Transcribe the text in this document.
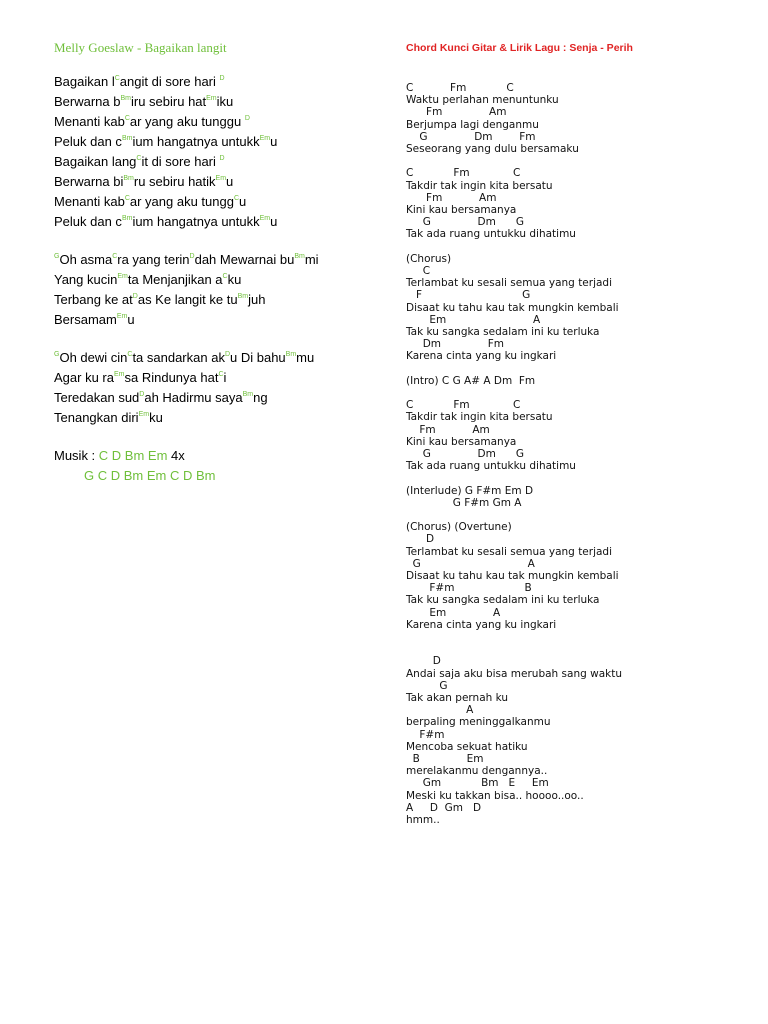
Melly Goeslaw - Bagaikan langit
Bagaikan $l^Cangit$ di sore hari $^D$
Berwarna $b^{Bm}iru$ sebiru hat$^{Em}$iku
Menanti kab$^C$ar yang aku tunggu $^D$
Peluk dan $c^{Bm}ium$ hangatnya untukk$^{Em}$u
Bagaikan lang$^C$it di sore hari $^D$
Berwarna $bi^{Bm}ru$ sebiru hatik$^{Em}$u
Menanti kab$^C$ar yang aku tungg$^C$u
Peluk dan $c^{Bm}ium$ hangatnya untukk$^{Em}$u
$^G$Oh asma$^C$ra yang terin$^D$dah Mewarnai $bu^{Bm}mi$
Yang kucin$^{Em}$ta Menjanjikan $a^Cku$
Terbang ke $at^Das$ Ke langit ke $tu^{Bm}juh$
Bersamam$^{Em}$u
$^G$Oh dewi cin$^C$ta sandarkan $ak^Du$ Di bahu$^{Bm}$mu
Agar ku $ra^{Em}sa$ Rindunya hat$^C$i
Teredakan sud$^D$ah Hadirmu saya$^{Bm}$ng
Tenangkan diri$^{Em}$ku
Musik : C D Bm Em 4x
G C D Bm Em C D Bm
Chord Kunci Gitar & Lirik Lagu : Senja - Perih
C           Fm            C
Waktu perlahan menuntunku
Fm              Am
Berjumpa lagi denganmu
G              Dm        Fm
Seseorang yang dulu bersamaku
C            Fm             C
Takdir tak ingin kita bersatu
Fm           Am
Kini kau bersamanya
G              Dm      G
Tak ada ruang untukku dihatimu
(Chorus)
C
Terlambat ku sesali semua yang terjadi
F                              G
Disaat ku tahu kau tak mungkin kembali
Em                          A
Tak ku sangka sedalam ini ku terluka
Dm              Fm
Karena cinta yang ku ingkari
(Intro) C G A# A Dm  Fm
C            Fm             C
Takdir tak ingin kita bersatu
Fm           Am
Kini kau bersamanya
G              Dm      G
Tak ada ruang untukku dihatimu
(Interlude) G F#m Em D
G F#m Gm A
(Chorus) (Overtune)
D
Terlambat ku sesali semua yang terjadi
G                                A
Disaat ku tahu kau tak mungkin kembali
F#m                     B
Tak ku sangka sedalam ini ku terluka
Em              A
Karena cinta yang ku ingkari
D
Andai saja aku bisa merubah sang waktu
G
Tak akan pernah ku
A
berpaling meninggalkanmu
F#m
Mencoba sekuat hatiku
B              Em
merelakanmu dengannya..
Gm            Bm   E     Em
Meski ku takkan bisa.. hoooo..oo..
A     D  Gm   D
hmm..
